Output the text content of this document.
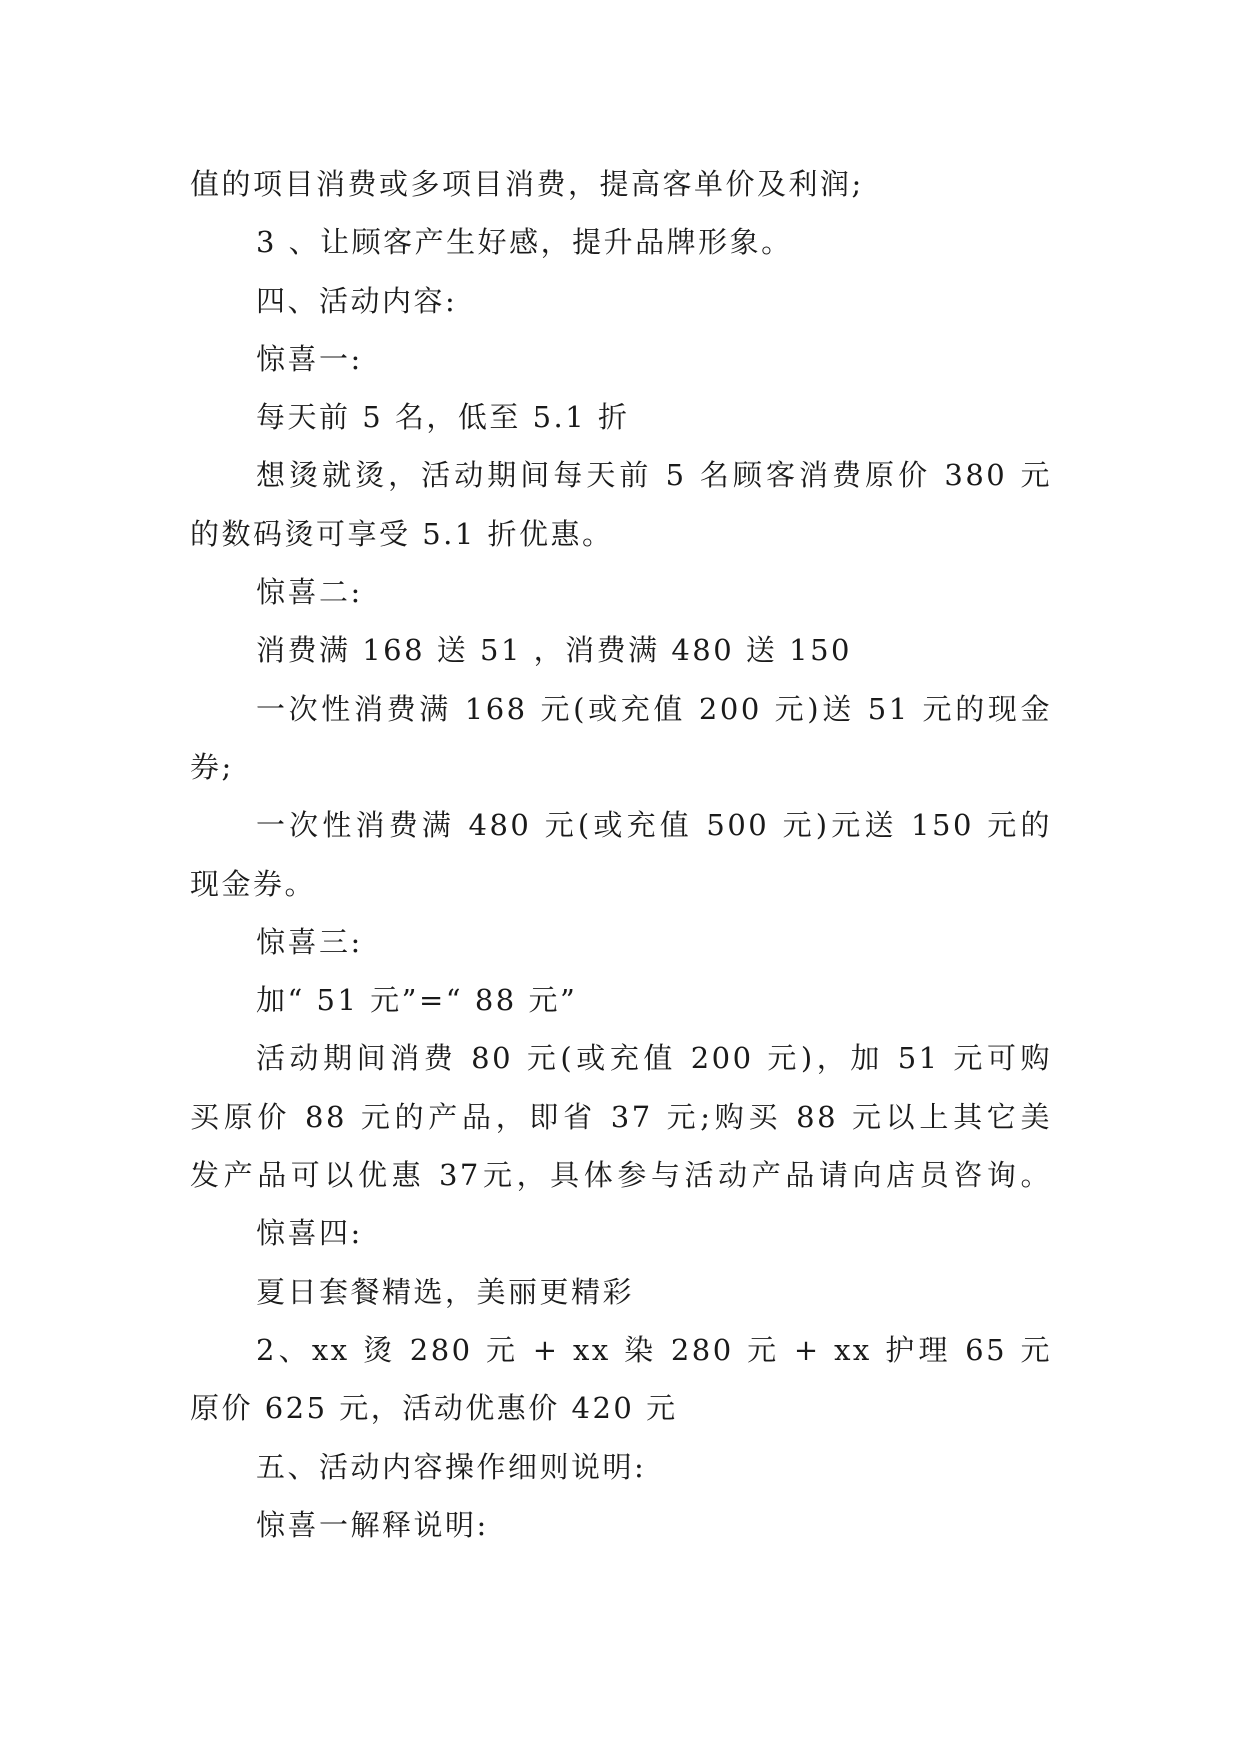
值的项目消费或多项目消费，提高客单价及利润;
3 、让顾客产生好感，提升品牌形象。
四、活动内容:
惊喜一:
每天前 5 名，低至 5.1 折
想烫就烫，活动期间每天前 5 名顾客消费原价 380 元
的数码烫可享受 5.1 折优惠。
惊喜二:
消费满 168 送 51 ，消费满 480 送 150
一次性消费满 168 元(或充值 200 元)送 51 元的现金
券;
一次性消费满 480 元(或充值 500 元)元送 150 元的
现金券。
惊喜三:
加“ 51 元”=“ 88 元”
活动期间消费 80 元(或充值 200 元)，加 51 元可购
买原价 88 元的产品，即省 37 元;购买 88 元以上其它美
发产品可以优惠 37元，具体参与活动产品请向店员咨询。
惊喜四:
夏日套餐精选，美丽更精彩
2、xx 烫 280 元 + xx 染 280 元 + xx 护理 65 元
原价 625 元，活动优惠价 420 元
五、活动内容操作细则说明:
惊喜一解释说明:
